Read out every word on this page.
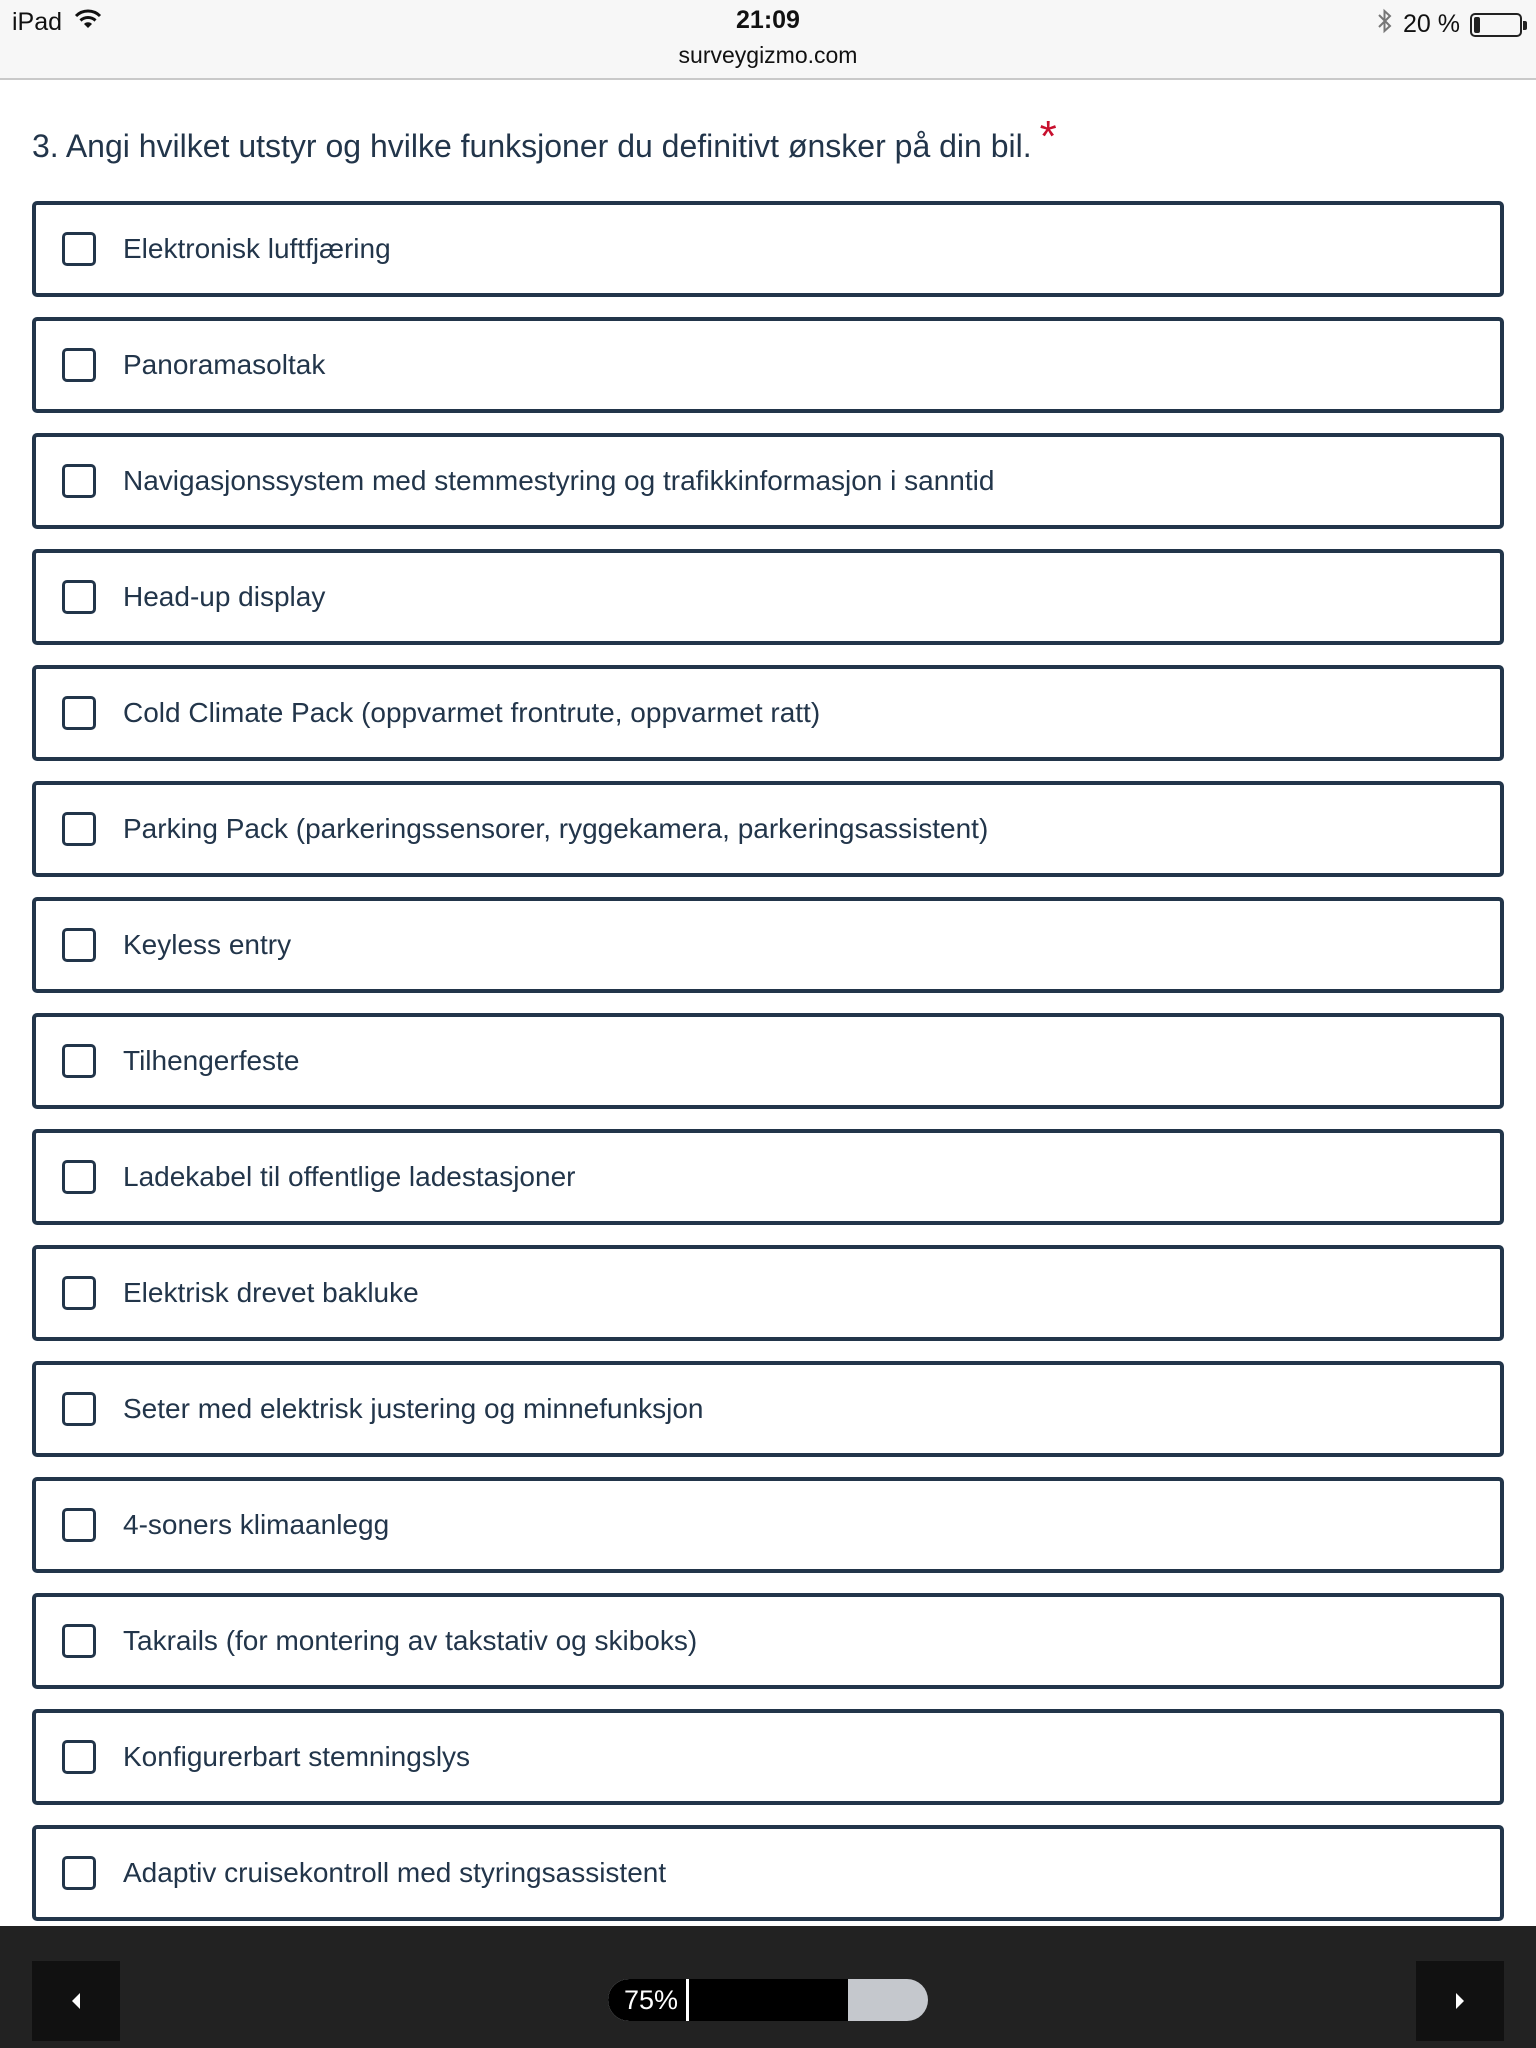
iPad	21:09
surveygizmo.com
20 %
3. Angi hvilket utstyr og hvilke funksjoner du definitivt ønsker på din bil. *
Elektronisk luftfjæring
Panoramasoltak
Navigasjonssystem med stemmestyring og trafikkinformasjon i sanntid
Head-up display
Cold Climate Pack (oppvarmet frontrute, oppvarmet ratt)
Parking Pack (parkeringssensorer, ryggekamera, parkeringsassistent)
Keyless entry
Tilhengerfeste
Ladekabel til offentlige ladestasjoner
Elektrisk drevet bakluke
Seter med elektrisk justering og minnefunksjon
4-soners klimaanlegg
Takrails (for montering av takstativ og skiboks)
Konfigurerbart stemningslys
Adaptiv cruisekontroll med styringsassistent
75%
